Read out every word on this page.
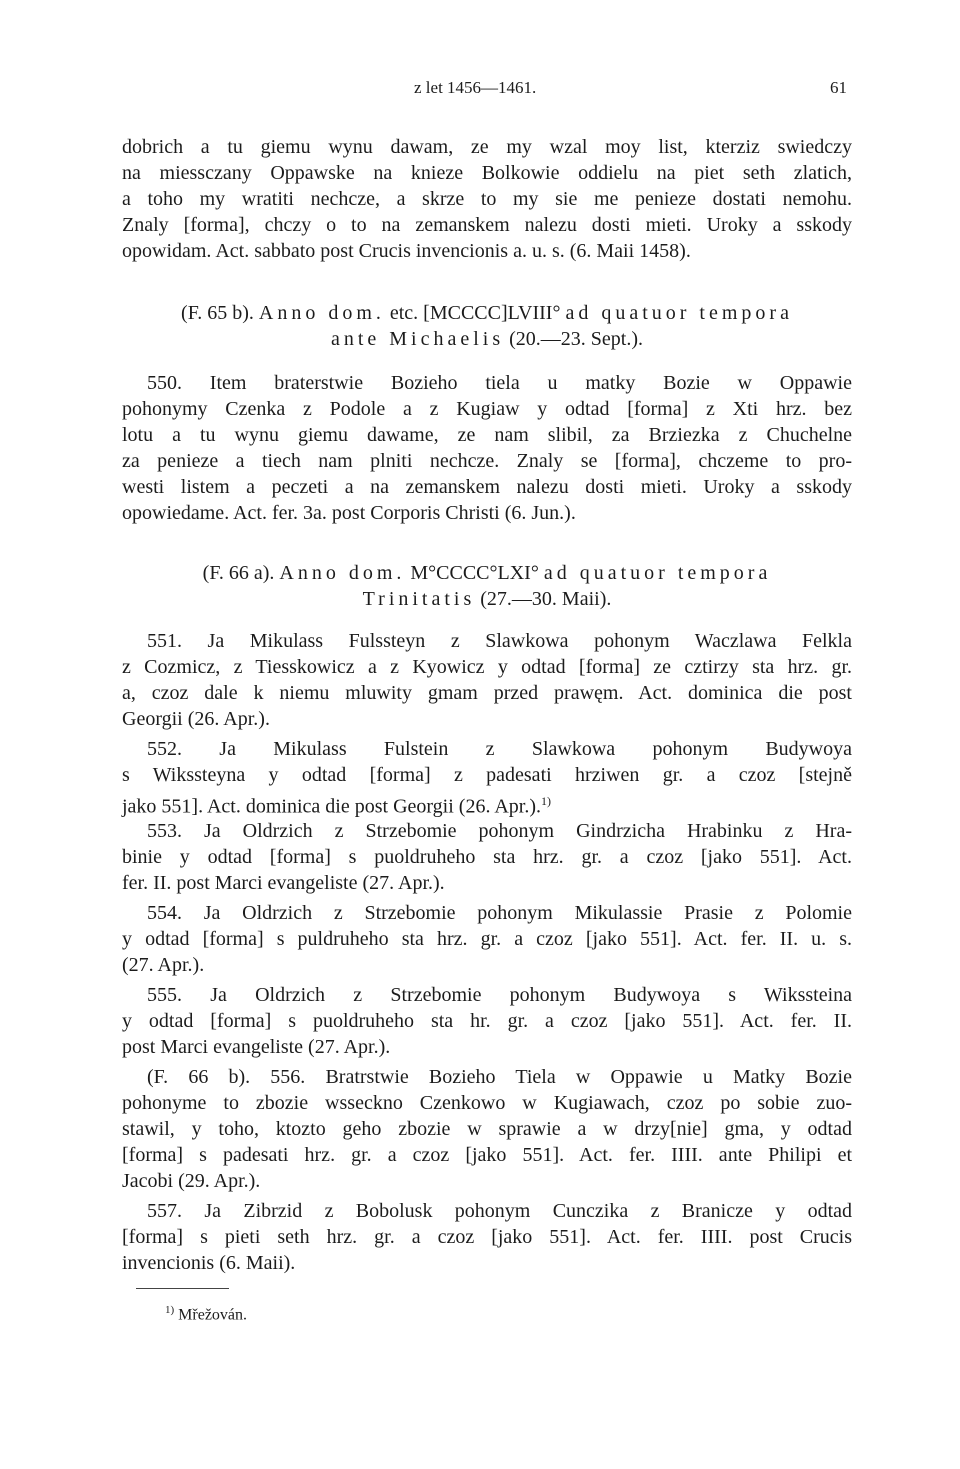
z let 1456—1461.	61
dobrich a tu giemu wynu dawam, ze my wzal moy list, kterziz swiedczy
na miessczany Oppawske na knieze Bolkowie oddielu na piet seth zlatich,
a toho my wratiti nechcze, a skrze to my sie me penieze dostati nemohu.
Znaly [forma], chczy o to na zemanskem nalezu dosti mieti. Uroky a sskody
opowidam. Act. sabbato post Crucis invencionis a. u. s. (6. Maii 1458).
(F. 65 b). Anno dom. etc. [MCCCC]LVIII° ad quatuor tempora
ante Michaelis (20.—23. Sept.).
550. Item braterstwie Bozieho tiela u matky Bozie w Oppawie
pohonymy Czenka z Podole a z Kugiaw y odtad [forma] z Xti hrz. bez
lotu a tu wynu giemu dawame, ze nam slibil, za Brziezka z Chuchelne
za penieze a tiech nam plniti nechcze. Znaly se [forma], chczeme to pro-
westi listem a peczeti a na zemanskem nalezu dosti mieti. Uroky a sskody
opowiedame. Act. fer. 3a. post Corporis Christi (6. Jun.).
(F. 66 a). Anno dom. M°CCCC°LXI° ad quatuor tempora
Trinitatis (27.—30. Maii).
551. Ja Mikulass Fulssteyn z Slawkowa pohonym Waczlawa Felkla
z Cozmicz, z Tiesskowicz a z Kyowicz y odtad [forma] ze cztirzy sta hrz. gr.
a, czoz dale k niemu mluwity gmam przed prawęm. Act. dominica die post
Georgii (26. Apr.).
552. Ja Mikulass Fulstein z Slawkowa pohonym Budywoya
s Wikssteyna y odtad [forma] z padesati hrziwen gr. a czoz [stejně
jako 551]. Act. dominica die post Georgii (26. Apr.).$^{1)}$
553. Ja Oldrzich z Strzebomie pohonym Gindrzicha Hrabinku z Hra-
binie y odtad [forma] s puoldruheho sta hrz. gr. a czoz [jako 551]. Act.
fer. II. post Marci evangeliste (27. Apr.).
554. Ja Oldrzich z Strzebomie pohonym Mikulassie Prasie z Polomie
y odtad [forma] s puldruheho sta hrz. gr. a czoz [jako 551]. Act. fer. II. u. s.
(27. Apr.).
555. Ja Oldrzich z Strzebomie pohonym Budywoya s Wikssteina
y odtad [forma] s puoldruheho sta hr. gr. a czoz [jako 551]. Act. fer. II.
post Marci evangeliste (27. Apr.).
(F. 66 b). 556. Bratrstwie Bozieho Tiela w Oppawie u Matky Bozie
pohonyme to zbozie wsseckno Czenkowo w Kugiawach, czoz po sobie zuo-
stawil, y toho, ktozto geho zbozie w sprawie a w drzy[nie] gma, y odtad
[forma] s padesati hrz. gr. a czoz [jako 551]. Act. fer. IIII. ante Philipi et
Jacobi (29. Apr.).
557. Ja Zibrzid z Bobolusk pohonym Cunczika z Branicze y odtad
[forma] s pieti seth hrz. gr. a czoz [jako 551]. Act. fer. IIII. post Crucis
invencionis (6. Maii).
$^{1)}$ Mřežován.
